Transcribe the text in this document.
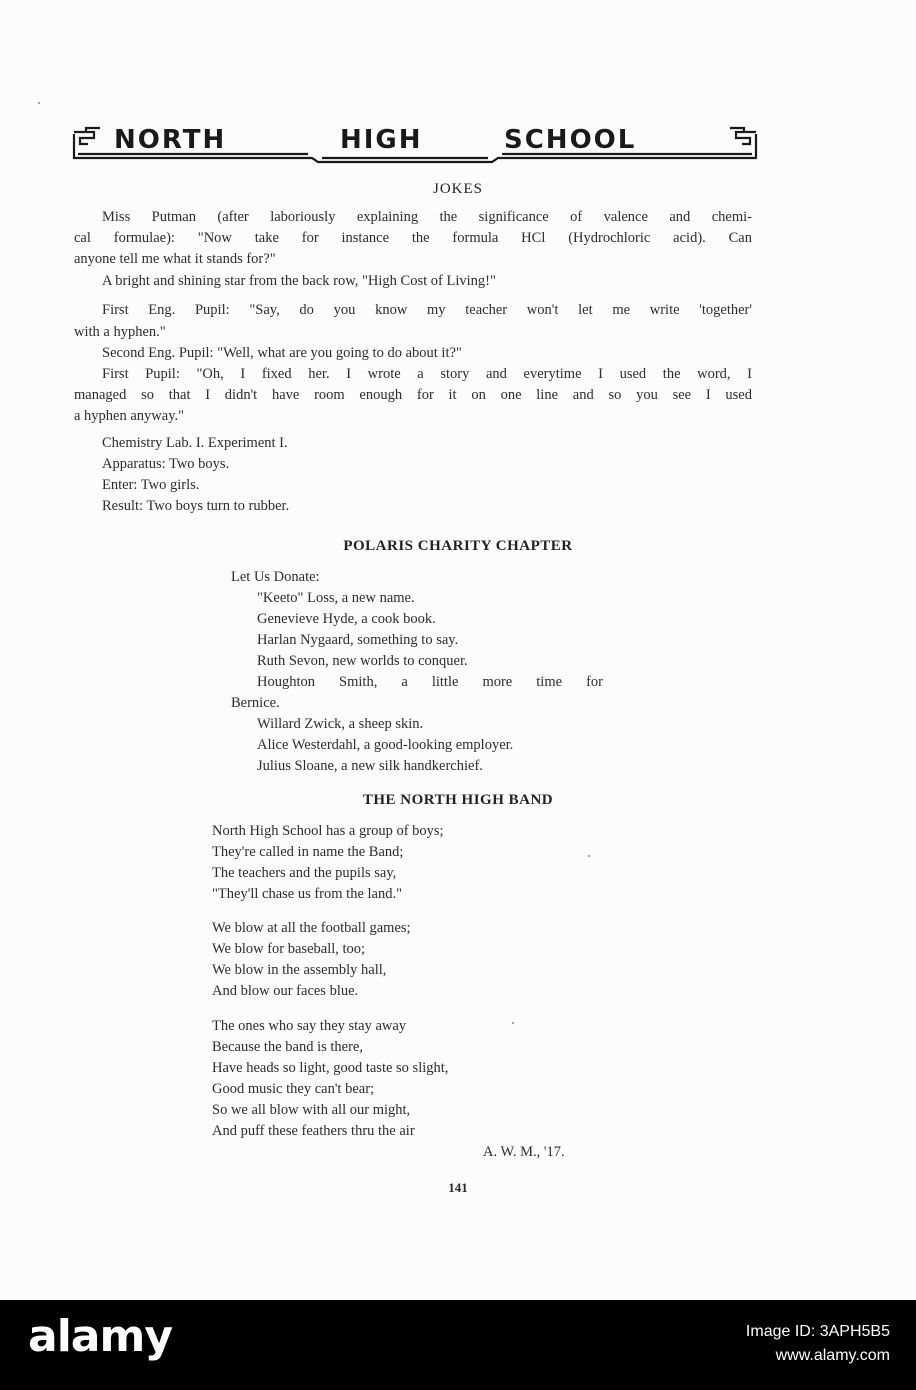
NORTH	HIGH	SCHOOL
JOKES
Miss Putman (after laboriously explaining the significance of valence and chemi-
cal formulae): "Now take for instance the formula HCl (Hydrochloric acid). Can
anyone tell me what it stands for?"
A bright and shining star from the back row, "High Cost of Living!"
First Eng. Pupil: "Say, do you know my teacher won't let me write 'together'
with a hyphen."
Second Eng. Pupil: "Well, what are you going to do about it?"
First Pupil: "Oh, I fixed her. I wrote a story and everytime I used the word, I
managed so that I didn't have room enough for it on one line and so you see I used
a hyphen anyway."
Chemistry Lab. I. Experiment I.
Apparatus: Two boys.
Enter: Two girls.
Result: Two boys turn to rubber.
POLARIS CHARITY CHAPTER
Let Us Donate:
"Keeto" Loss, a new name.
Genevieve Hyde, a cook book.
Harlan Nygaard, something to say.
Ruth Sevon, new worlds to conquer.
Houghton Smith, a little more time for
Bernice.
Willard Zwick, a sheep skin.
Alice Westerdahl, a good-looking employer.
Julius Sloane, a new silk handkerchief.
THE NORTH HIGH BAND
North High School has a group of boys;
They're called in name the Band;
The teachers and the pupils say,
"They'll chase us from the land."
We blow at all the football games;
We blow for baseball, too;
We blow in the assembly hall,
And blow our faces blue.
The ones who say they stay away
Because the band is there,
Have heads so light, good taste so slight,
Good music they can't bear;
So we all blow with all our might,
And puff these feathers thru the air
A. W. M., '17.
141
alamy	Image ID: 3APH5B5
www.alamy.com
